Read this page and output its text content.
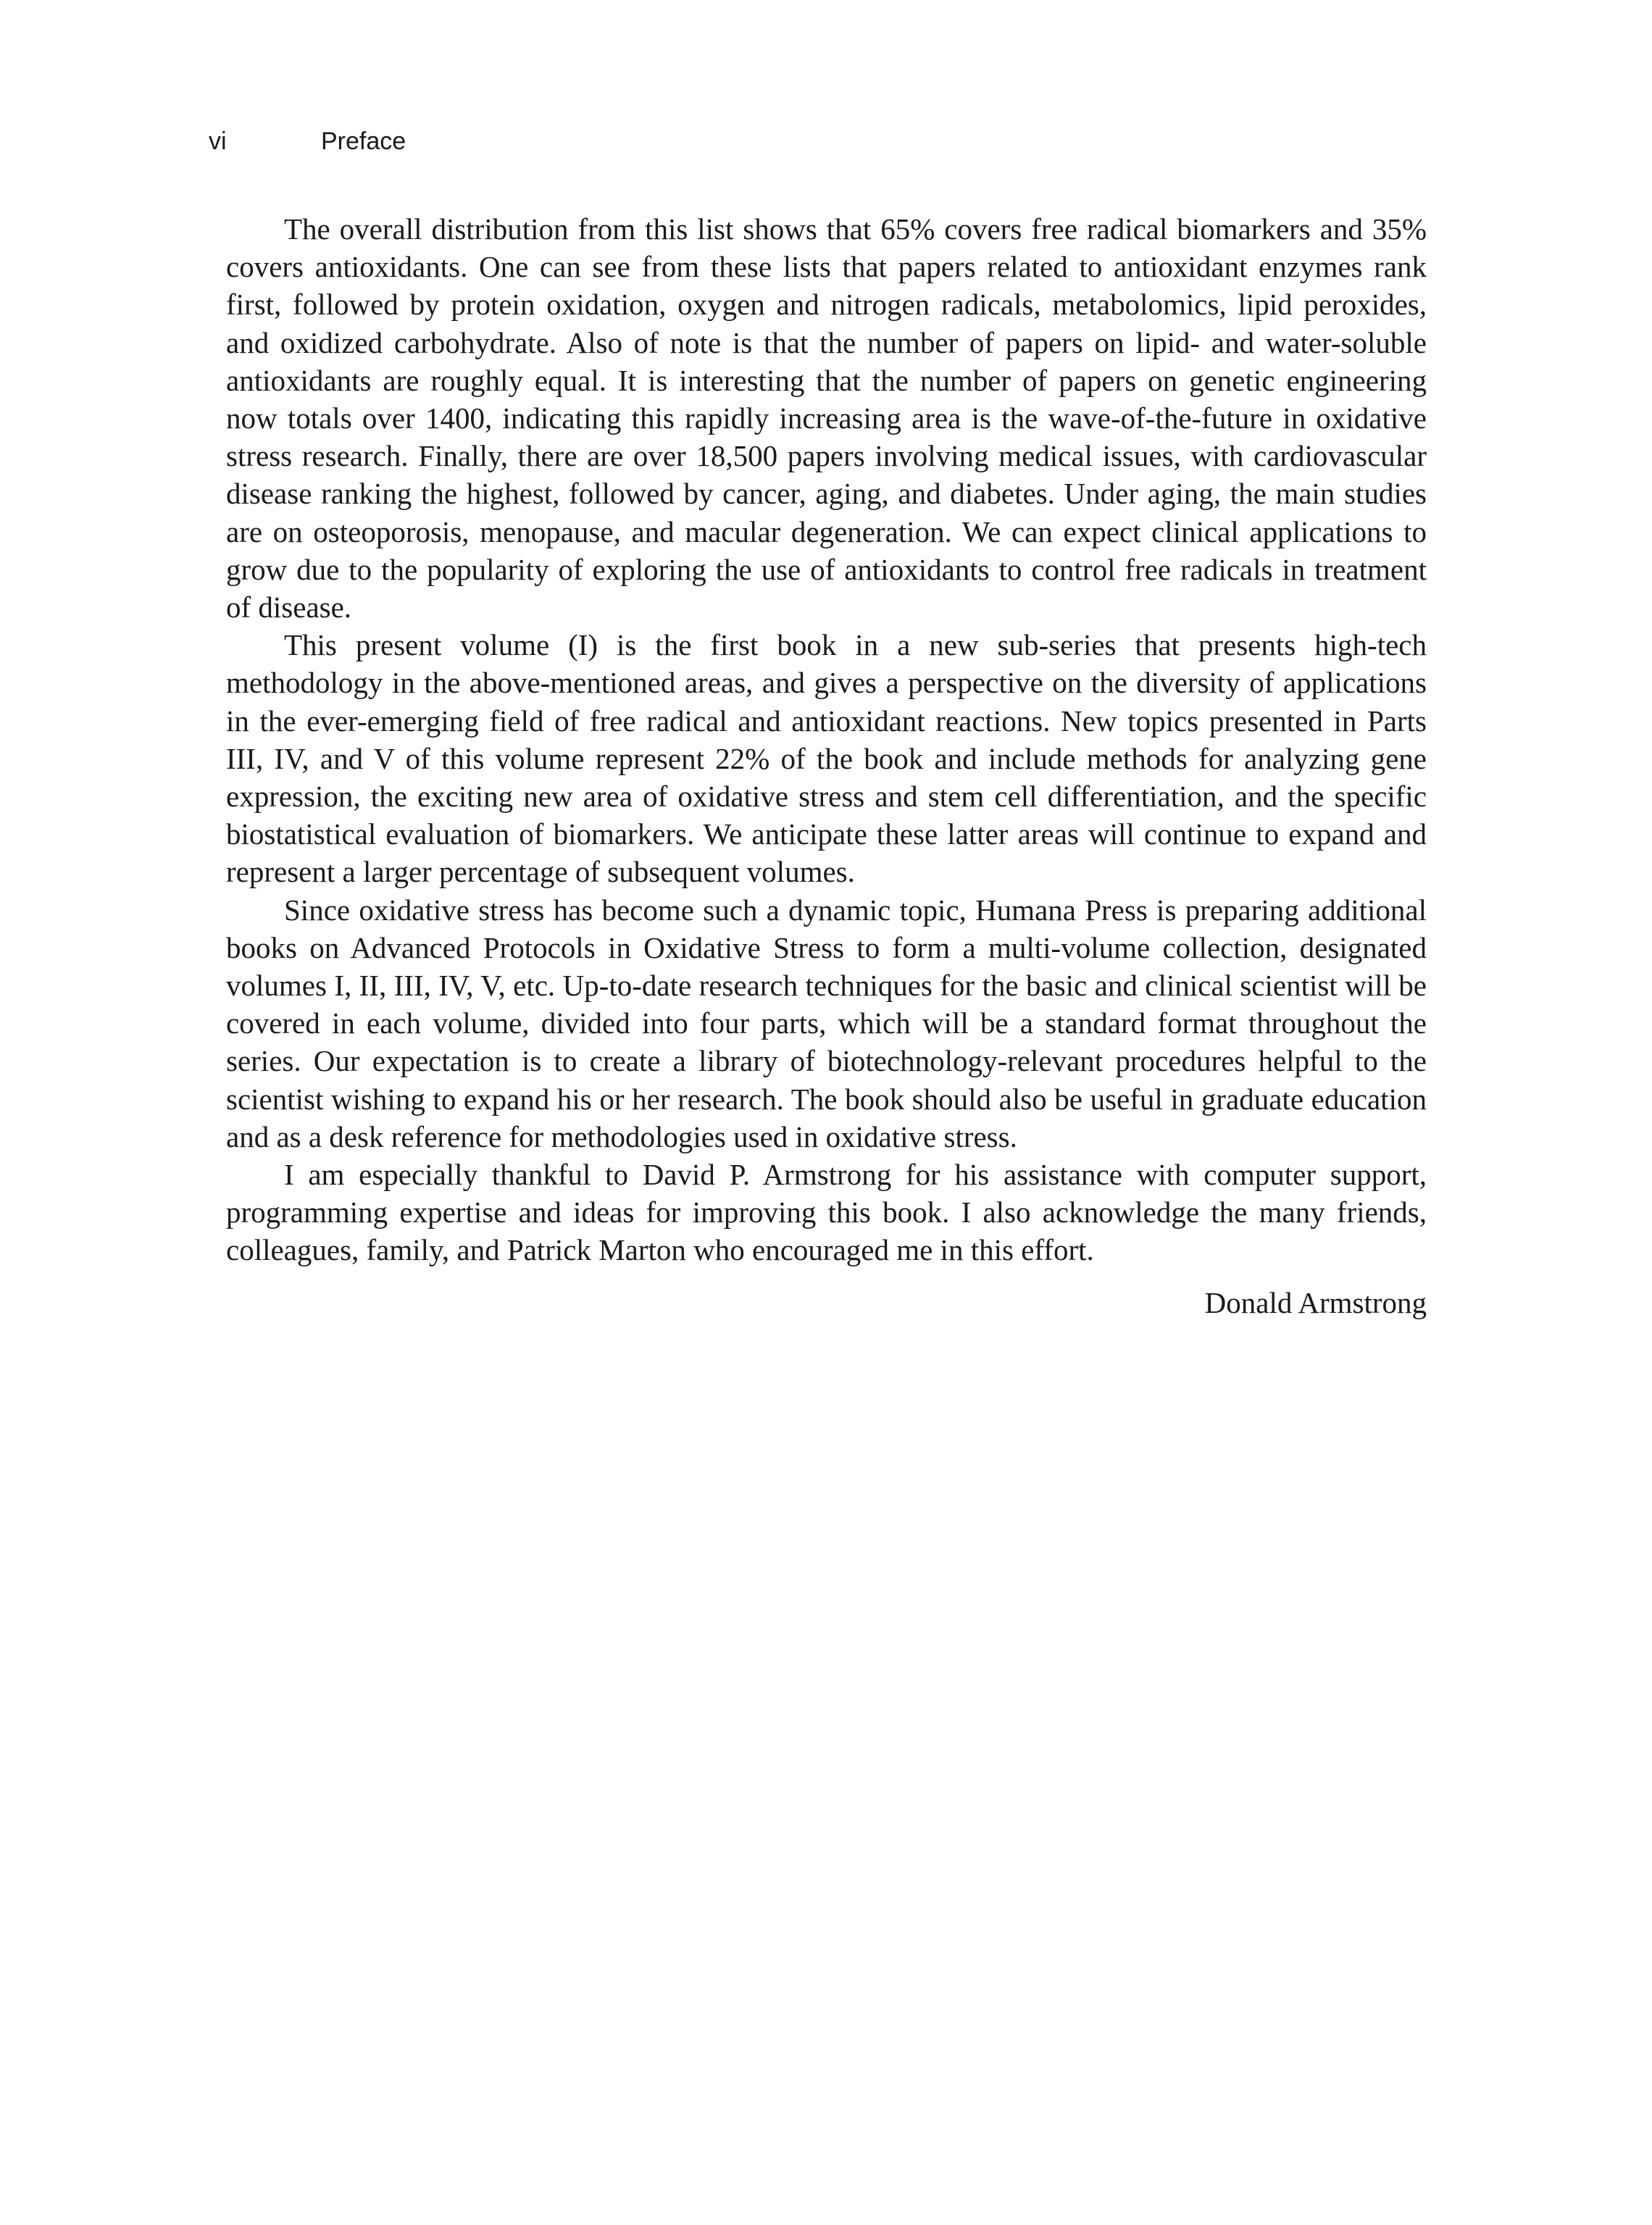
vi	Preface

The overall distribution from this list shows that 65% covers free radical biomarkers and 35% covers antioxidants. One can see from these lists that papers related to antioxidant enzymes rank first, followed by protein oxidation, oxygen and nitrogen radicals, metabolomics, lipid peroxides, and oxidized carbohydrate. Also of note is that the number of papers on lipid- and water-soluble antioxidants are roughly equal. It is interesting that the number of papers on genetic engineering now totals over 1400, indicating this rapidly increasing area is the wave-of-the-future in oxidative stress research. Finally, there are over 18,500 papers involving medical issues, with cardiovascular disease ranking the highest, followed by cancer, aging, and diabetes. Under aging, the main studies are on osteoporosis, menopause, and macular degeneration. We can expect clinical applications to grow due to the popularity of exploring the use of antioxidants to control free radicals in treatment of disease.

This present volume (I) is the first book in a new sub-series that presents high-tech methodology in the above-mentioned areas, and gives a perspective on the diversity of applications in the ever-emerging field of free radical and antioxidant reactions. New topics presented in Parts III, IV, and V of this volume represent 22% of the book and include methods for analyzing gene expression, the exciting new area of oxidative stress and stem cell differentiation, and the specific biostatistical evaluation of biomarkers. We anticipate these latter areas will continue to expand and represent a larger percentage of subsequent volumes.

Since oxidative stress has become such a dynamic topic, Humana Press is preparing additional books on Advanced Protocols in Oxidative Stress to form a multi-volume collection, designated volumes I, II, III, IV, V, etc. Up-to-date research techniques for the basic and clinical scientist will be covered in each volume, divided into four parts, which will be a standard format throughout the series. Our expectation is to create a library of biotechnology-relevant procedures helpful to the scientist wishing to expand his or her research. The book should also be useful in graduate education and as a desk reference for methodologies used in oxidative stress.

I am especially thankful to David P. Armstrong for his assistance with computer support, programming expertise and ideas for improving this book. I also acknowledge the many friends, colleagues, family, and Patrick Marton who encouraged me in this effort.

Donald Armstrong
